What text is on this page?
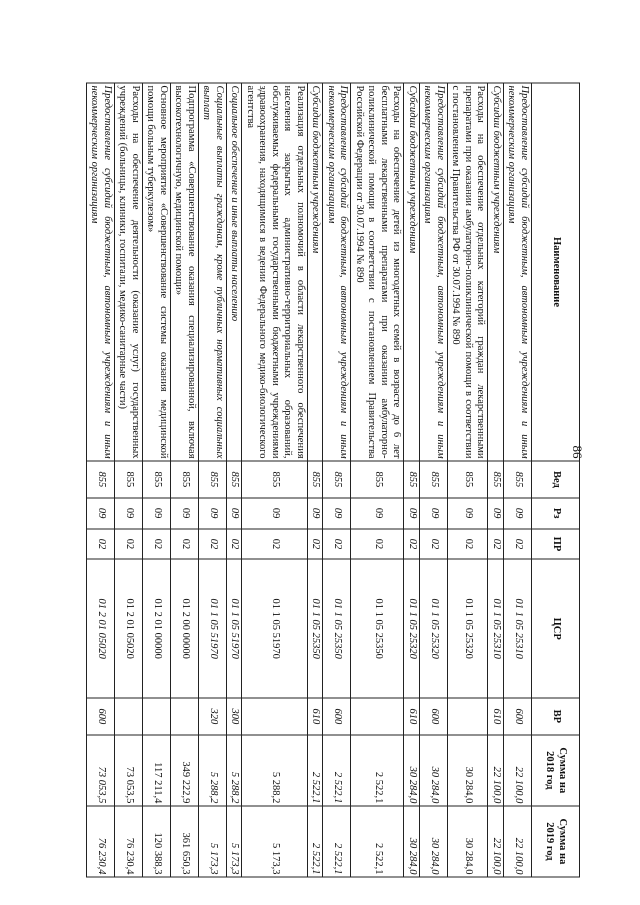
86
Наименование	Вед	Рз	ПР	ЦСР	ВР	Сумма на 2018 год	Сумма на 2019 год
Предоставление субсидий бюджетным, автономным учреждениям и иным некоммерческим организациям	855	09	02	01 1 05 25310	600	22 100,0	22 100,0
Субсидии бюджетным учреждениям	855	09	02	01 1 05 25310	610	22 100,0	22 100,0
Расходы на обеспечение отдельных категорий граждан лекарственными препаратами при оказании амбулаторно-поликлинической помощи в соответствии с постановлением Правительства РФ от 30.07.1994 № 890	855	09	02	01 1 05 25320		30 284,0	30 284,0
Предоставление субсидий бюджетным, автономным учреждениям и иным некоммерческим организациям	855	09	02	01 1 05 25320	600	30 284,0	30 284,0
Субсидии бюджетным учреждениям	855	09	02	01 1 05 25320	610	30 284,0	30 284,0
Расходы на обеспечение детей из многодетных семей в возрасте до 6 лет бесплатными лекарственными препаратами при оказании амбулаторно-поликлинической помощи в соответствии с постановлением Правительства Российской Федерации от 30.07.1994 № 890	855	09	02	01 1 05 25350		2 522,1	2 522,1
Предоставление субсидий бюджетным, автономным учреждениям и иным некоммерческим организациям	855	09	02	01 1 05 25350	600	2 522,1	2 522,1
Субсидии бюджетным учреждениям	855	09	02	01 1 05 25350	610	2 522,1	2 522,1
Реализация отдельных полномочий в области лекарственного обеспечения населения закрытых административно-территориальных образований, обслуживаемых федеральными государственными бюджетными учреждениями здравоохранения, находящимися в ведении Федерального медико-биологического агентства	855	09	02	01 1 05 51970		5 288,2	5 173,3
Социальное обеспечение и иные выплаты населению	855	09	02	01 1 05 51970	300	5 288,2	5 173,3
Социальные выплаты гражданам, кроме публичных нормативных социальных выплат	855	09	02	01 1 05 51970	320	5 288,2	5 173,3
Подпрограмма «Совершенствование оказания специализированной, включая высокотехнологичную, медицинской помощи»	855	09	02	01 2 00 00000		349 222,9	361 650,3
Основное мероприятие «Совершенствование системы оказания медицинской помощи больным туберкулезом»	855	09	02	01 2 01 00000		117 211,4	120 388,3
Расходы на обеспечение деятельности (оказание услуг) государственных учреждений (больницы, клиники, госпитали, медико-санитарные части)	855	09	02	01 2 01 05020		73 053,5	76 230,4
Предоставление субсидий бюджетным, автономным учреждениям и иным некоммерческим организациям	855	09	02	01 2 01 05020	600	73 053,5	76 230,4
